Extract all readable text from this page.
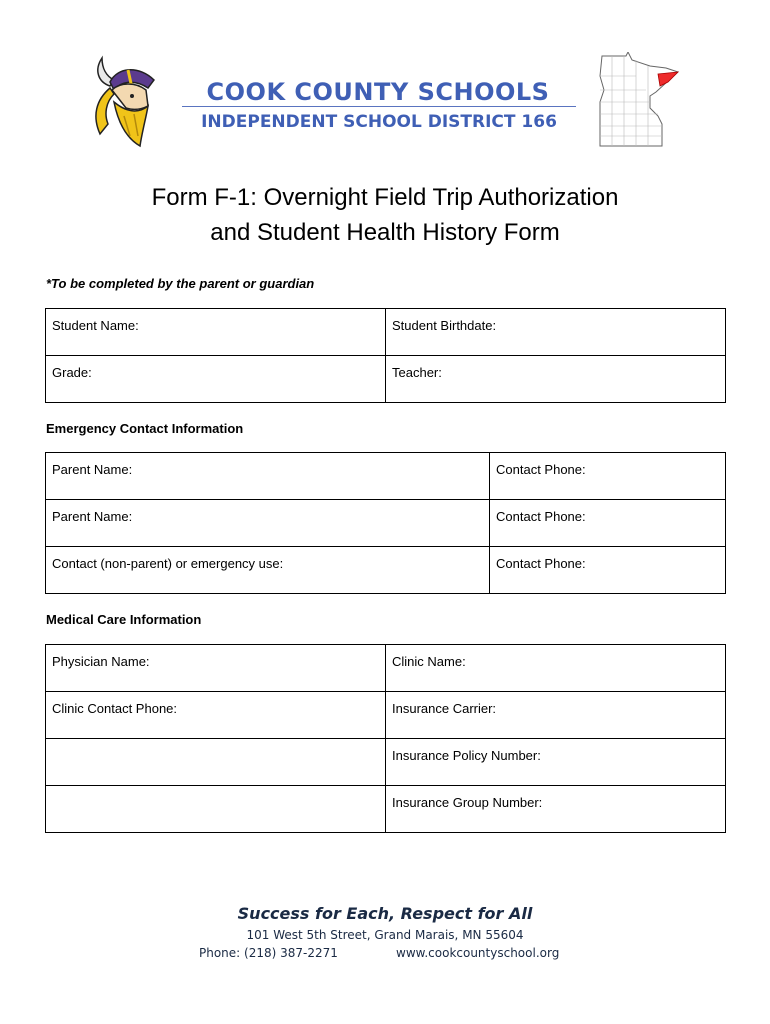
COOK COUNTY SCHOOLS
INDEPENDENT SCHOOL DISTRICT 166
Form F-1: Overnight Field Trip Authorization
and Student Health History Form
*To be completed by the parent or guardian
Student Name:	Student Birthdate:

Grade:	Teacher:
Emergency Contact Information
Parent Name:	Contact Phone:

Parent Name:	Contact Phone:

Contact (non-parent) or emergency use:	Contact Phone:
Medical Care Information
Physician Name:	Clinic Name:

Clinic Contact Phone:	Insurance Carrier:

	Insurance Policy Number:

	Insurance Group Number:
Success for Each, Respect for All
101 West 5th Street, Grand Marais, MN 55604
Phone: (218) 387-2271	www.cookcountyschool.org
